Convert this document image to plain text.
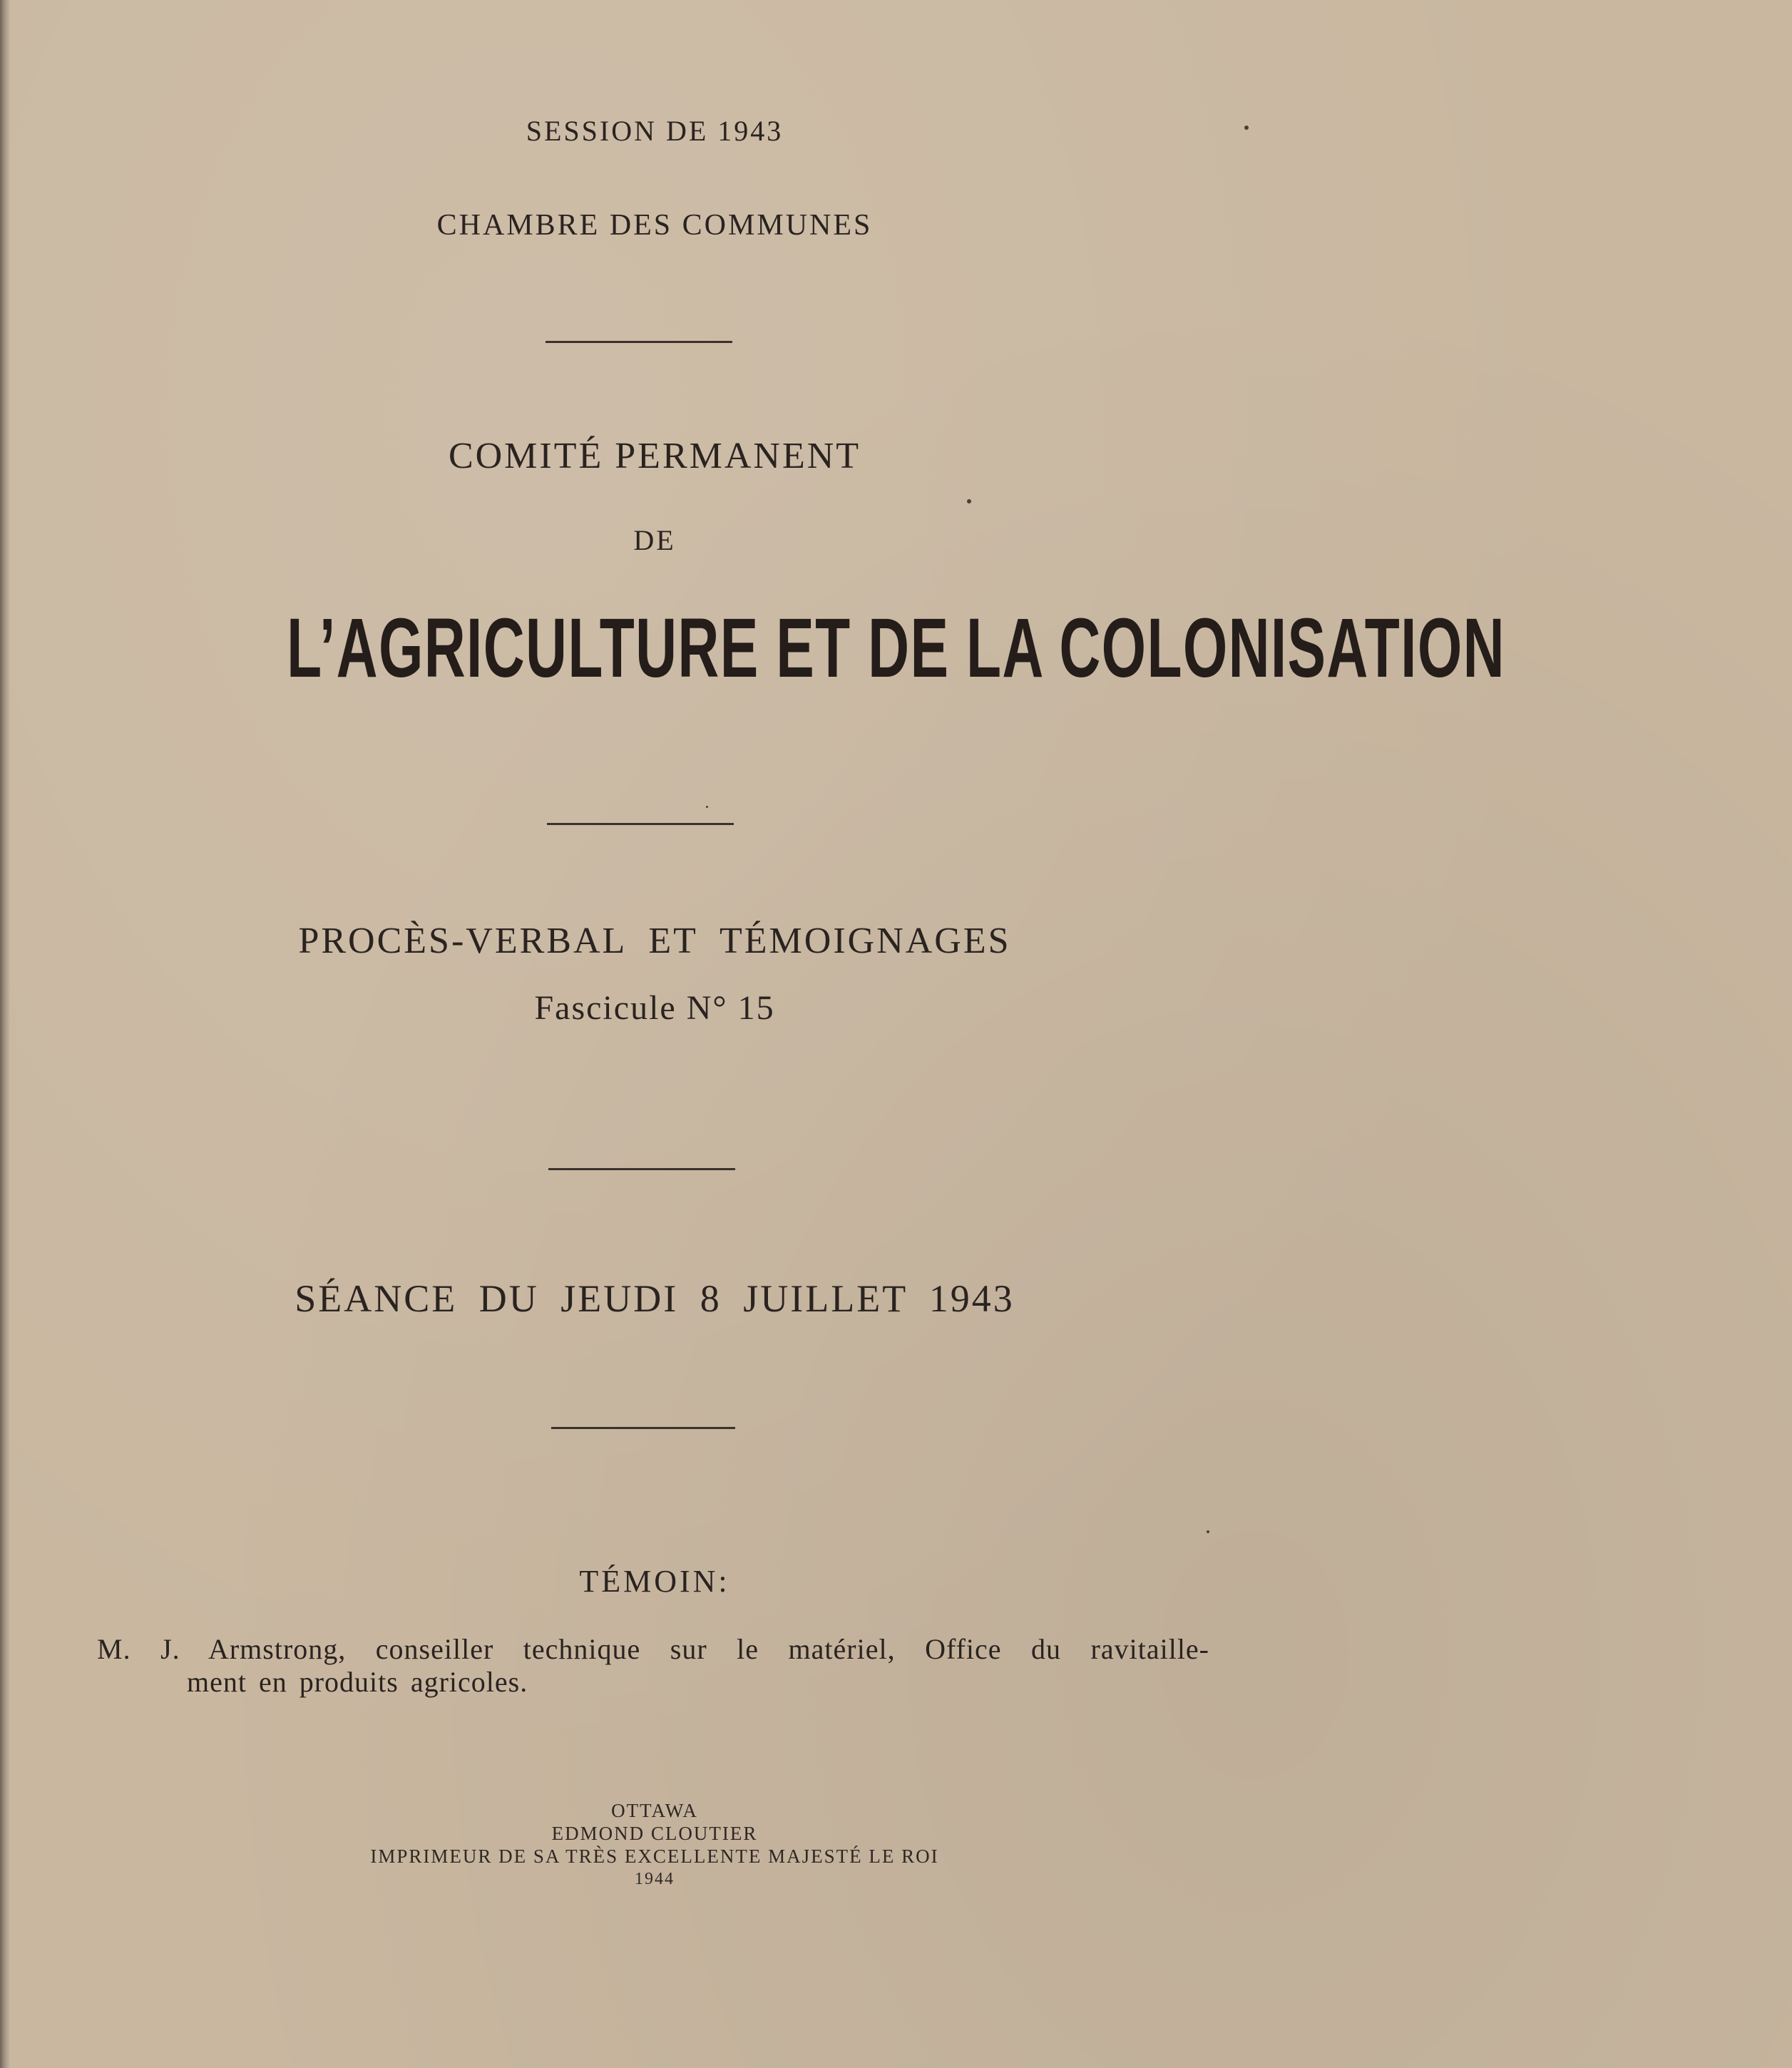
SESSION DE 1943
CHAMBRE DES COMMUNES
COMITÉ PERMANENT
DE
L’AGRICULTURE ET DE LA COLONISATION
PROCÈS-VERBAL ET TÉMOIGNAGES
Fascicule N° 15
SÉANCE DU JEUDI 8 JUILLET 1943
TÉMOIN:
M. J. Armstrong, conseiller technique sur le matériel, Office du ravitaille-
ment en produits agricoles.
OTTAWA
EDMOND CLOUTIER
IMPRIMEUR DE SA TRÈS EXCELLENTE MAJESTÉ LE ROI
1944
